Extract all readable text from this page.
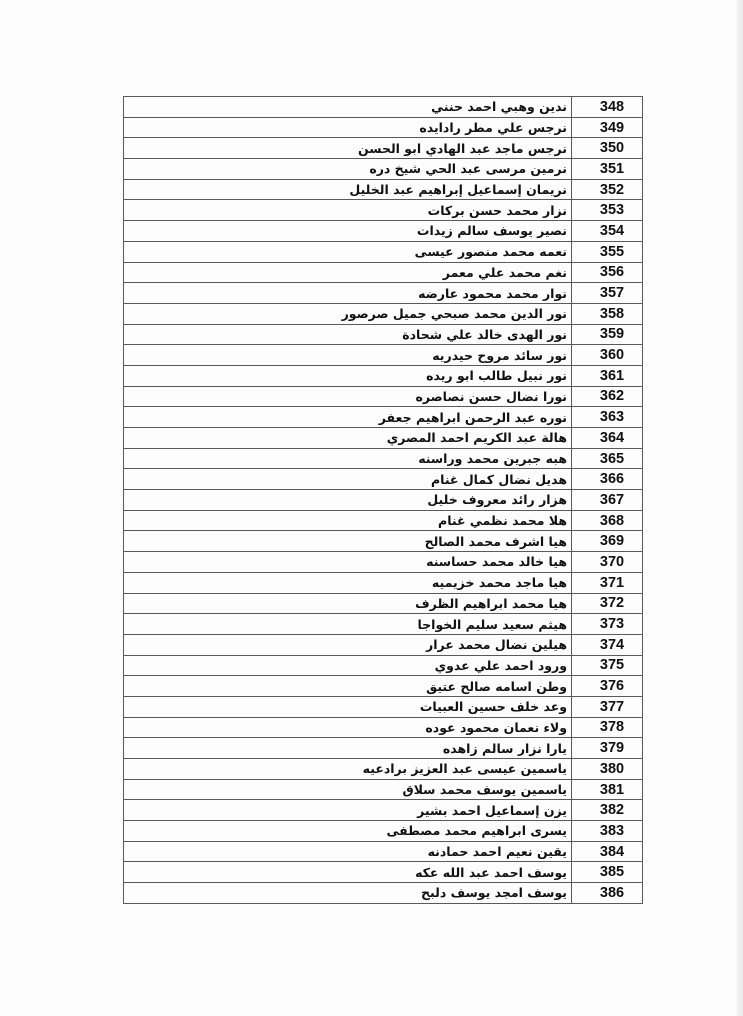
ندين وهبي احمد حنني	348
نرجس علي مطر رادايده	349
نرجس ماجد عبد الهادي ابو الحسن	350
نرمين مرسى عبد الحي شيخ دره	351
نريمان إسماعيل إبراهيم عبد الخليل	352
نزار محمد حسن بركات	353
نصير يوسف سالم زيدات	354
نعمه محمد منصور عيسى	355
نغم محمد علي معمر	356
نوار محمد محمود عارضه	357
نور الدين محمد صبحي جميل صرصور	358
نور الهدى خالد علي شحادة	359
نور سائد مروح حيدريه	360
نور نبيل طالب ابو ريده	361
نورا نضال حسن نصاصره	362
نوره عبد الرحمن ابراهيم جعفر	363
هالة عبد الكريم احمد المصري	364
هبه جبرين محمد وراسنه	365
هديل نضال كمال غنام	366
هزار رائد معروف خليل	367
هلا محمد نظمي غنام	368
هيا اشرف محمد الصالح	369
هيا خالد محمد حساسنه	370
هيا ماجد محمد خزيميه	371
هيا محمد ابراهيم الظرف	372
هيثم سعيد سليم الخواجا	373
هيلين نضال محمد عرار	374
ورود احمد علي عدوي	375
وطن اسامه صالح عتيق	376
وعد خلف حسين العبيات	377
ولاء نعمان محمود عوده	378
يارا نزار سالم زاهده	379
ياسمين عيسى عبد العزيز برادعيه	380
ياسمين يوسف محمد سلاق	381
يزن إسماعيل احمد بشير	382
يسرى ابراهيم محمد مصطفى	383
يقين نعيم احمد حمادنه	384
يوسف احمد عبد الله عكه	385
يوسف امجد يوسف دلبح	386
